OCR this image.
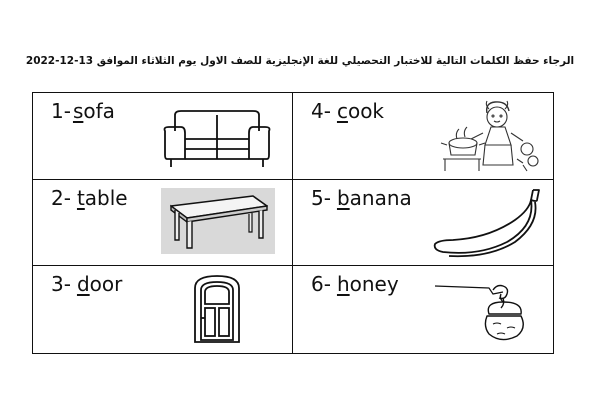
الرجاء حفظ الكلمات التالية للاختبار التحصيلي للغة الإنجليزية للصف الاول يوم الثلاثاء الموافق 13-12-2022
1- s ofa	4- c ook
2- t able	5- b anana
3- d oor	6- h oney
